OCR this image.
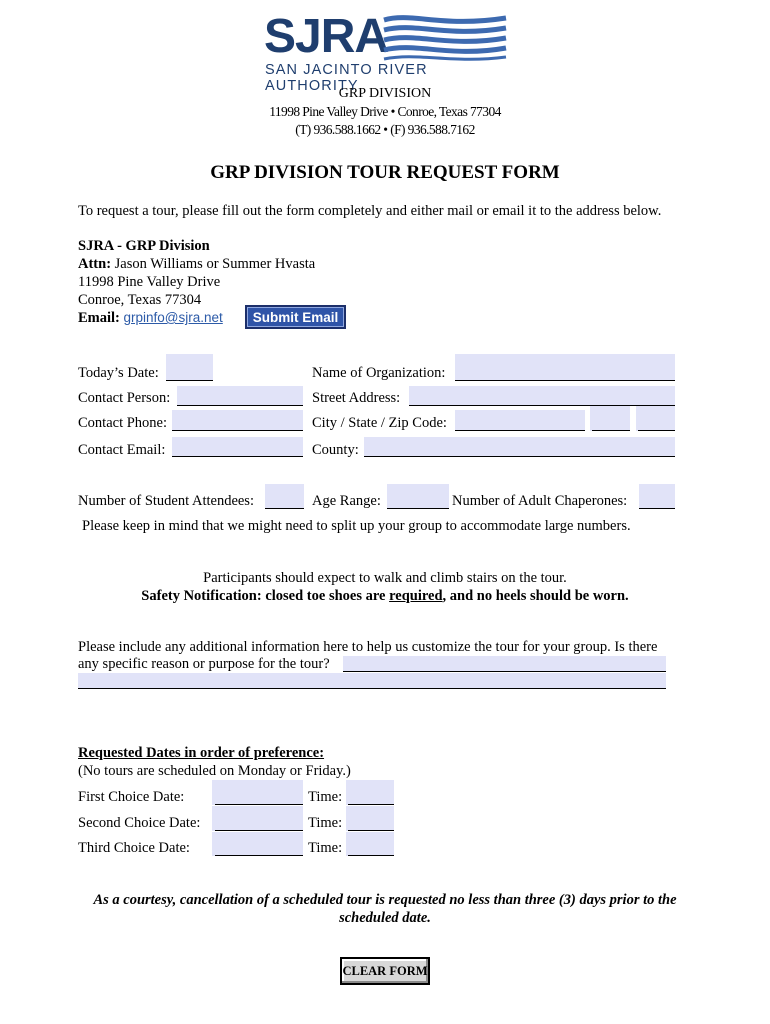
SJRA
SAN JACINTO RIVER AUTHORITY
GRP DIVISION
11998 Pine Valley Drive • Conroe, Texas 77304
(T) 936.588.1662 • (F) 936.588.7162
GRP DIVISION TOUR REQUEST FORM
To request a tour, please fill out the form completely and either mail or email it to the address below.
SJRA - GRP Division
Attn: Jason Williams or Summer Hvasta
11998 Pine Valley Drive
Conroe, Texas 77304
Email: grpinfo@sjra.net	Submit Email
Today’s Date:	Name of Organization:
Contact Person:	Street Address:
Contact Phone:	City / State / Zip Code:
Contact Email:	County:
Number of Student Attendees:	Age Range:	Number of Adult Chaperones:
Please keep in mind that we might need to split up your group to accommodate large numbers.
Participants should expect to walk and climb stairs on the tour.
Safety Notification: closed toe shoes are required, and no heels should be worn.
Please include any additional information here to help us customize the tour for your group. Is there
any specific reason or purpose for the tour?
Requested Dates in order of preference:
(No tours are scheduled on Monday or Friday.)
First Choice Date:	Time:
Second Choice Date:	Time:
Third Choice Date:	Time:
As a courtesy, cancellation of a scheduled tour is requested no less than three (3) days prior to the
scheduled date.
CLEAR FORM
